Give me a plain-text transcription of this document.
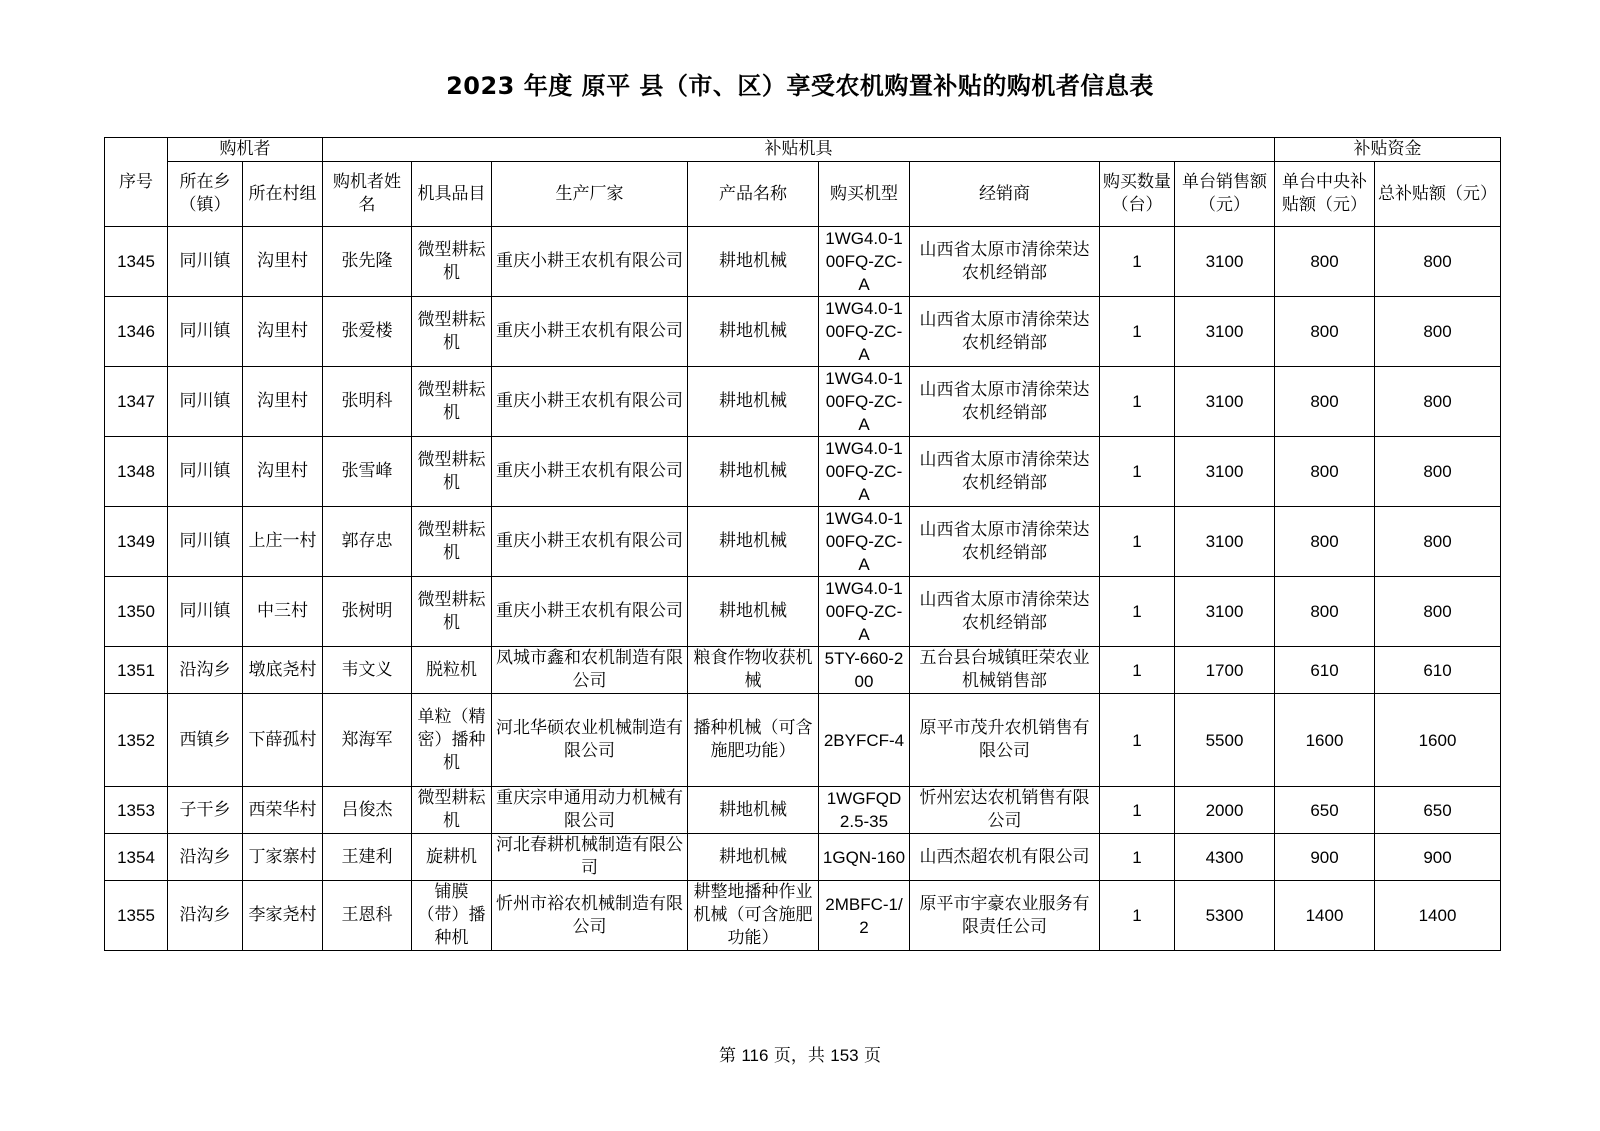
2023 年度 原平 县（市、区）享受农机购置补贴的购机者信息表
序号	购机者		补贴机具								补贴资金	
	所在乡（镇）	所在村组	购机者姓名	机具品目	生产厂家	产品名称	购买机型	经销商	购买数量（台）	单台销售额（元）	单台中央补贴额（元）	总补贴额（元）
1345	同川镇	沟里村	张先隆	微型耕耘机	重庆小耕王农机有限公司	耕地机械	1WG4.0-100FQ-ZC-A	山西省太原市清徐荣达农机经销部	1	3100	800	800
1346	同川镇	沟里村	张爱楼	微型耕耘机	重庆小耕王农机有限公司	耕地机械	1WG4.0-100FQ-ZC-A	山西省太原市清徐荣达农机经销部	1	3100	800	800
1347	同川镇	沟里村	张明科	微型耕耘机	重庆小耕王农机有限公司	耕地机械	1WG4.0-100FQ-ZC-A	山西省太原市清徐荣达农机经销部	1	3100	800	800
1348	同川镇	沟里村	张雪峰	微型耕耘机	重庆小耕王农机有限公司	耕地机械	1WG4.0-100FQ-ZC-A	山西省太原市清徐荣达农机经销部	1	3100	800	800
1349	同川镇	上庄一村	郭存忠	微型耕耘机	重庆小耕王农机有限公司	耕地机械	1WG4.0-100FQ-ZC-A	山西省太原市清徐荣达农机经销部	1	3100	800	800
1350	同川镇	中三村	张树明	微型耕耘机	重庆小耕王农机有限公司	耕地机械	1WG4.0-100FQ-ZC-A	山西省太原市清徐荣达农机经销部	1	3100	800	800
1351	沿沟乡	墩底尧村	韦文义	脱粒机	凤城市鑫和农机制造有限公司	粮食作物收获机械	5TY-660-200	五台县台城镇旺荣农业机械销售部	1	1700	610	610
1352	西镇乡	下薛孤村	郑海军	单粒（精密）播种机	河北华硕农业机械制造有限公司	播种机械（可含施肥功能）	2BYFCF-4	原平市茂升农机销售有限公司	1	5500	1600	1600
1353	子干乡	西荣华村	吕俊杰	微型耕耘机	重庆宗申通用动力机械有限公司	耕地机械	1WGFQD2.5-35	忻州宏达农机销售有限公司	1	2000	650	650
1354	沿沟乡	丁家寨村	王建利	旋耕机	河北春耕机械制造有限公司	耕地机械	1GQN-160	山西杰超农机有限公司	1	4300	900	900
1355	沿沟乡	李家尧村	王恩科	铺膜（带）播种机	忻州市裕农机械制造有限公司	耕整地播种作业机械（可含施肥功能）	2MBFC-1/2	原平市宇豪农业服务有限责任公司	1	5300	1400	1400
第 116 页，共 153 页
